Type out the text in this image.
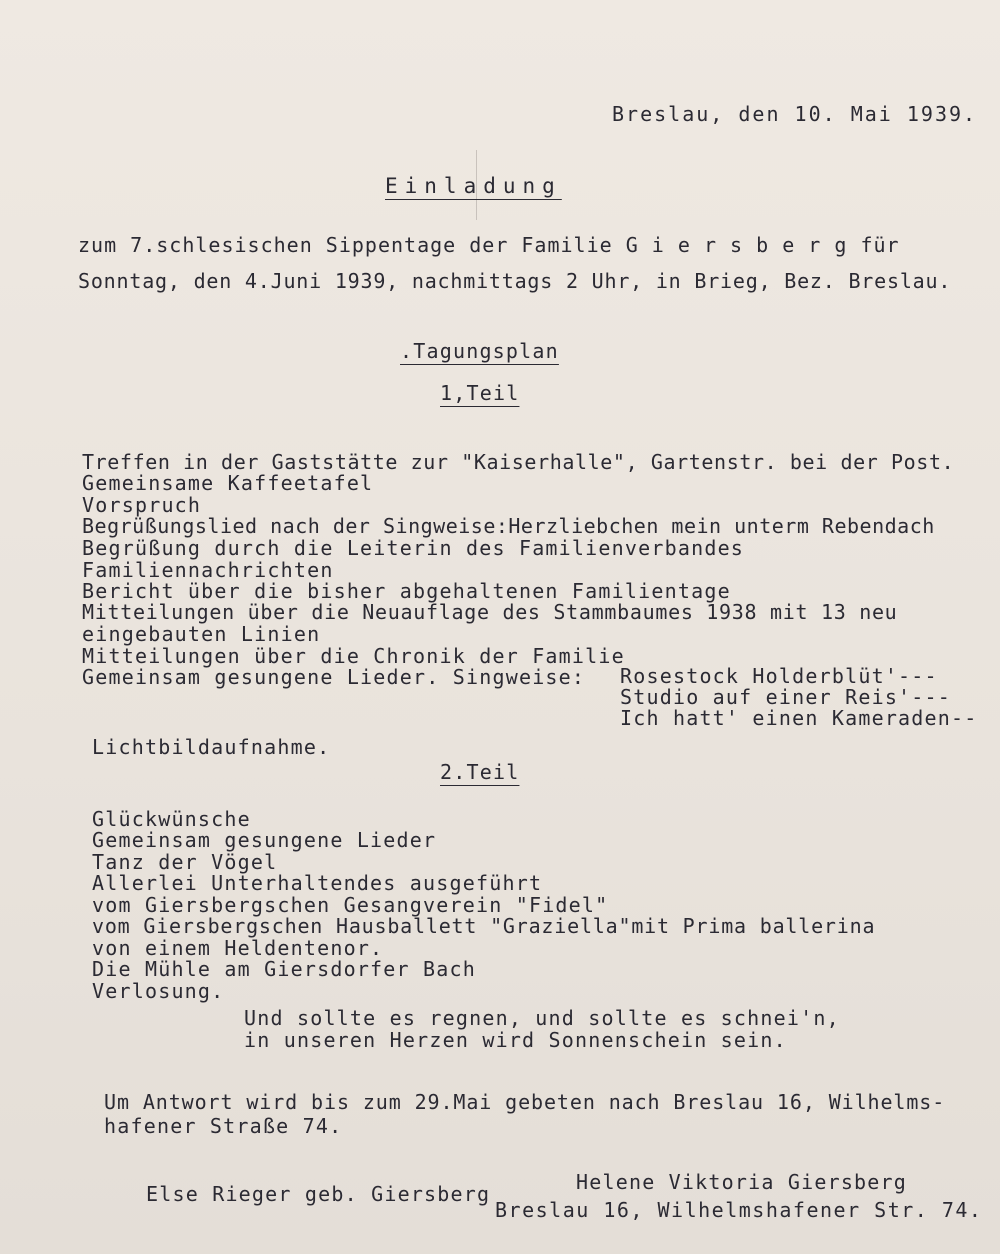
Breslau, den 10. Mai 1939.
Einladung
zum 7.schlesischen Sippentage der Familie G i e r s b e r g für
Sonntag, den 4.Juni 1939, nachmittags 2 Uhr, in Brieg, Bez. Breslau.
.Tagungsplan
1,Teil
Treffen in der Gaststätte zur "Kaiserhalle", Gartenstr. bei der Post.
Gemeinsame Kaffeetafel
Vorspruch
Begrüßungslied nach der Singweise:Herzliebchen mein unterm Rebendach
Begrüßung durch die Leiterin des Familienverbandes
Familiennachrichten
Bericht über die bisher abgehaltenen Familientage
Mitteilungen über die Neuauflage des Stammbaumes 1938 mit 13 neu
eingebauten Linien
Mitteilungen über die Chronik der Familie
Gemeinsam gesungene Lieder. Singweise: Rosestock Holderblüt'---
Studio auf einer Reis'---
Ich hatt' einen Kameraden--
Lichtbildaufnahme.
2.Teil
Glückwünsche
Gemeinsam gesungene Lieder
Tanz der Vögel
Allerlei Unterhaltendes ausgeführt
vom Giersbergschen Gesangverein "Fidel"
vom Giersbergschen Hausballett "Graziella"mit Prima ballerina
von einem Heldentenor.
Die Mühle am Giersdorfer Bach
Verlosung.
Und sollte es regnen, und sollte es schnei'n,
in unseren Herzen wird Sonnenschein sein.
Um Antwort wird bis zum 29.Mai gebeten nach Breslau 16, Wilhelms-
hafener Straße 74.
Else Rieger geb. Giersberg	Helene Viktoria Giersberg
Breslau 16, Wilhelmshafener Str. 74.
